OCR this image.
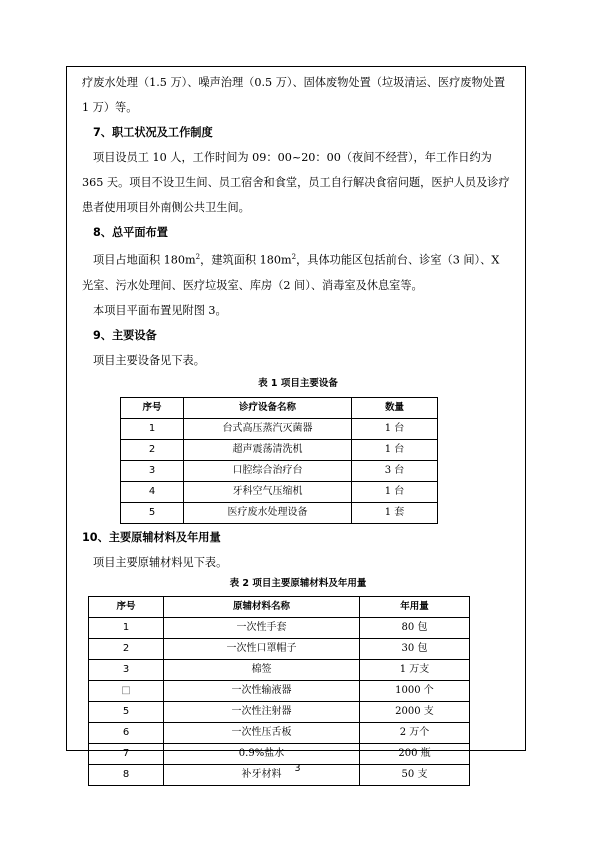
疗废水处理（1.5 万）、噪声治理（0.5 万）、固体废物处置（垃圾清运、医疗废物处置 1 万）等。

7、职工状况及工作制度

项目设员工 10 人，工作时间为 09：00~20：00（夜间不经营），年工作日约为 365 天。项目不设卫生间、员工宿舍和食堂，员工自行解决食宿问题，医护人员及诊疗患者使用项目外南侧公共卫生间。

8、总平面布置

项目占地面积 $180m^2$，建筑面积 $180m^2$，具体功能区包括前台、诊室（3 间）、X 光室、污水处理间、医疗垃圾室、库房（2 间）、消毒室及休息室等。

本项目平面布置见附图 3。

9、主要设备

项目主要设备见下表。

表 1 项目主要设备
序号	诊疗设备名称	数量
1	台式高压蒸汽灭菌器	1 台
2	超声震荡清洗机	1 台
3	口腔综合治疗台	3 台
4	牙科空气压缩机	1 台
5	医疗废水处理设备	1 套

10、主要原辅材料及年用量

项目主要原辅材料见下表。

表 2 项目主要原辅材料及年用量
序号	原辅材料名称	年用量
1	一次性手套	80 包
2	一次性口罩帽子	30 包
3	棉签	1 万支
□	一次性输液器	1000 个
5	一次性注射器	2000 支
6	一次性压舌板	2 万个
7	0.9%盐水	200 瓶
8	补牙材料	50 支
3
